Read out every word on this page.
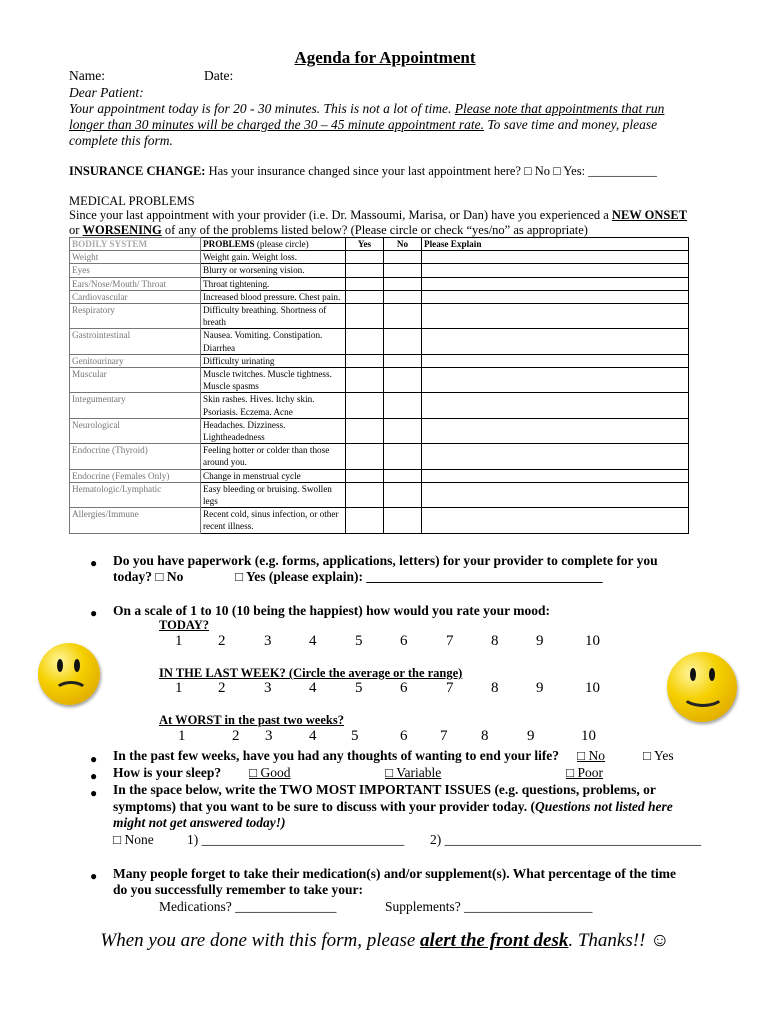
Agenda for Appointment
Name:	Date:
Dear Patient:
Your appointment today is for 20 - 30 minutes. This is not a lot of time. Please note that appointments that run
longer than 30 minutes will be charged the 30 – 45 minute appointment rate. To save time and money, please
complete this form.
INSURANCE CHANGE: Has your insurance changed since your last appointment here? □ No □ Yes: ___________
MEDICAL PROBLEMS
Since your last appointment with your provider (i.e. Dr. Massoumi, Marisa, or Dan) have you experienced a NEW ONSET
or WORSENING of any of the problems listed below? (Please circle or check “yes/no” as appropriate)
BODILY SYSTEM	PROBLEMS (please circle)	Yes	No	Please Explain
Weight	Weight gain. Weight loss.			
Eyes	Blurry or worsening vision.			
Ears/Nose/Mouth/ Throat	Throat tightening.			
Cardiovascular	Increased blood pressure. Chest pain.			
Respiratory	Difficulty breathing. Shortness of breath			
Gastrointestinal	Nausea. Vomiting. Constipation. Diarrhea			
Genitourinary	Difficulty urinating			
Muscular	Muscle twitches. Muscle tightness. Muscle spasms			
Integumentary	Skin rashes. Hives. Itchy skin. Psoriasis. Eczema. Acne			
Neurological	Headaches. Dizziness. Lightheadedness			
Endocrine (Thyroid)	Feeling hotter or colder than those around you.			
Endocrine (Females Only)	Change in menstrual cycle			
Hematologic/Lymphatic	Easy bleeding or bruising. Swollen legs			
Allergies/Immune	Recent cold, sinus infection, or other recent illness.			
● Do you have paperwork (e.g. forms, applications, letters) for your provider to complete for you
today? □ No	□ Yes (please explain): ___________________________________
● On a scale of 1 to 10 (10 being the happiest) how would you rate your mood:
TODAY?
1 2	3	4	5	6	7	8	9	10
IN THE LAST WEEK? (Circle the average or the range)
1 2	3	4	5	6	7	8	9	10
At WORST in the past two weeks?
1	2 3 4 5	6 7 8	9	10
● In the past few weeks, have you had any thoughts of wanting to end your life? □ No	□ Yes
● How is your sleep? □ Good	□ Variable	□ Poor
● In the space below, write the TWO MOST IMPORTANT ISSUES (e.g. questions, problems, or
symptoms) that you want to be sure to discuss with your provider today. (Questions not listed here
might not get answered today!)
□ None 1) ______________________________ 2) ______________________________________
● Many people forget to take their medication(s) and/or supplement(s). What percentage of the time
do you successfully remember to take your:
Medications? _______________	Supplements? ___________________
When you are done with this form, please alert the front desk. Thanks!! ☺
